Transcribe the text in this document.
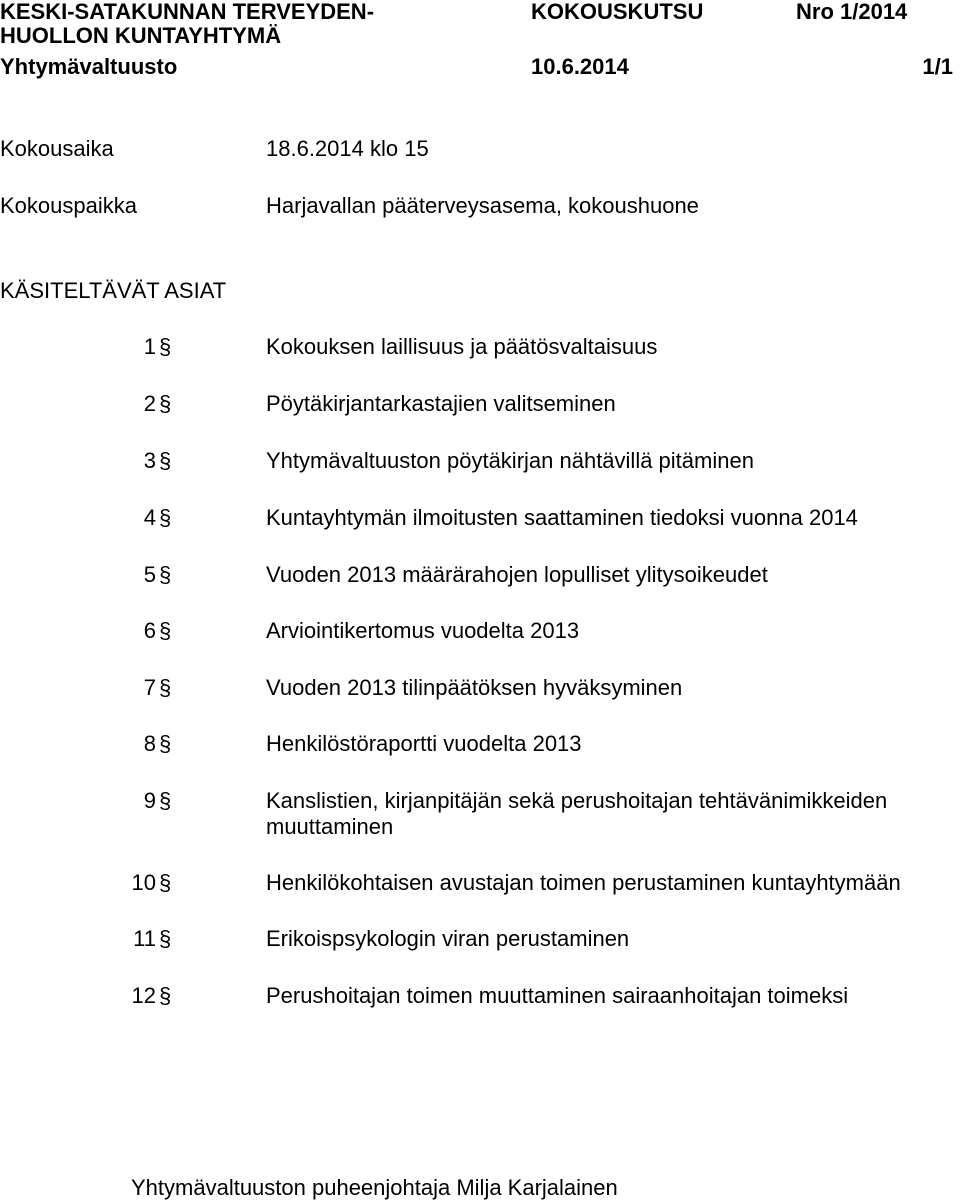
KESKI-SATAKUNNAN TERVEYDEN-
HUOLLON KUNTAYHTYMÄ
Yhtymävaltuusto
KOKOUSKUTSU	Nro 1/2014
10.6.2014	1/1
Kokousaika	18.6.2014 klo 15
Kokouspaikka	Harjavallan pääterveysasema, kokoushuone
KÄSITELTÄVÄT ASIAT
1 §	Kokouksen laillisuus ja päätösvaltaisuus
2 §	Pöytäkirjantarkastajien valitseminen
3 §	Yhtymävaltuuston pöytäkirjan nähtävillä pitäminen
4 §	Kuntayhtymän ilmoitusten saattaminen tiedoksi vuonna 2014
5 §	Vuoden 2013 määrärahojen lopulliset ylitysoikeudet
6 §	Arviointikertomus vuodelta 2013
7 §	Vuoden 2013 tilinpäätöksen hyväksyminen
8 §	Henkilöstöraportti vuodelta 2013
9 §	Kanslistien, kirjanpitäjän sekä perushoitajan tehtävänimikkeiden muuttaminen
10 §	Henkilökohtaisen avustajan toimen perustaminen kuntayhtymään
11 §	Erikoispsykologin viran perustaminen
12 §	Perushoitajan toimen muuttaminen sairaanhoitajan toimeksi
Yhtymävaltuuston puheenjohtaja Milja Karjalainen
